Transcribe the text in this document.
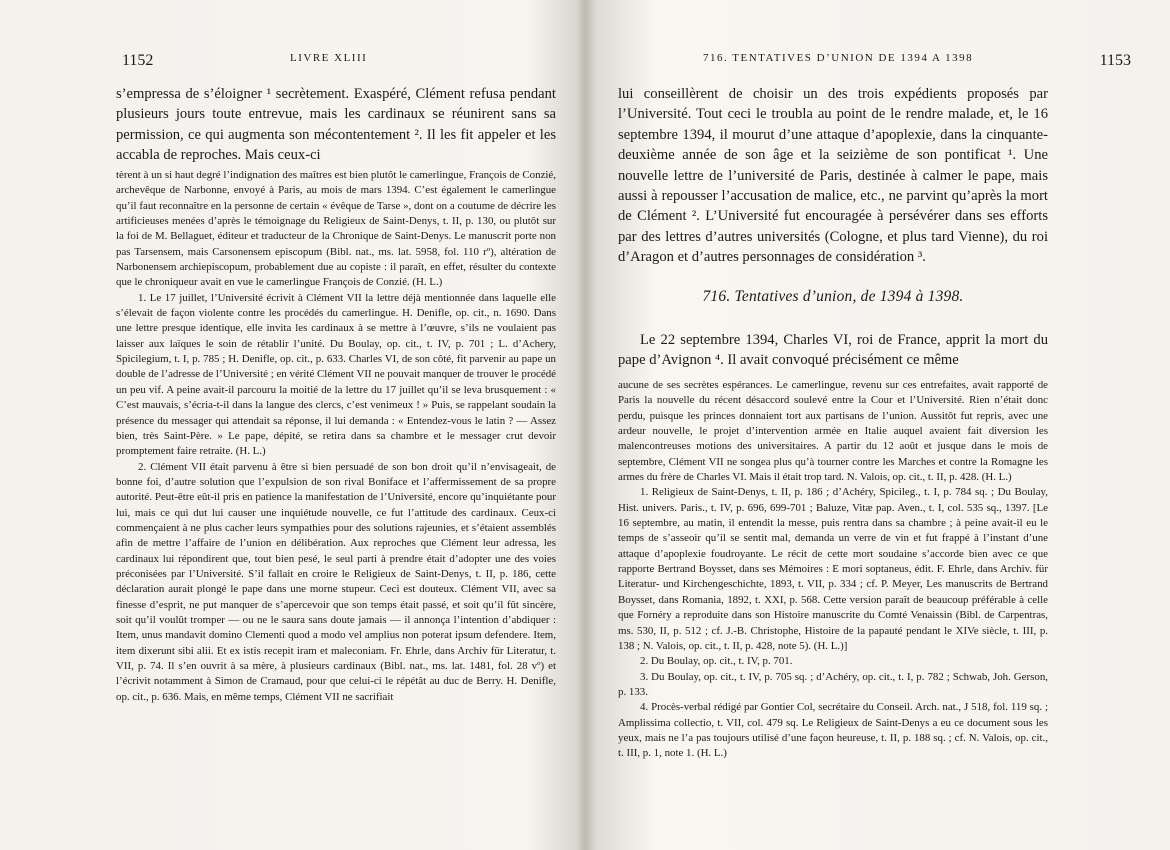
1152	LIVRE XLIII

s’empressa de s’éloigner ¹ secrètement. Exaspéré, Clément refusa pendant plusieurs jours toute entrevue, mais les cardinaux se réunirent sans sa permission, ce qui augmenta son mécontentement ². Il les fit appeler et les accabla de reproches. Mais ceux-ci

tèrent à un si haut degré l’indignation des maîtres est bien plutôt le camerlingue, François de Conzié, archevêque de Narbonne, envoyé à Paris, au mois de mars 1394. C’est également le camerlingue qu’il faut reconnaître en la personne de certain « évêque de Tarse », dont on a coutume de décrire les artificieuses menées d’après le témoignage du Religieux de Saint-Denys, t. II, p. 130, ou plutôt sur la foi de M. Bellaguet, éditeur et traducteur de la Chronique de Saint-Denys. Le manuscrit porte non pas Tarsensem, mais Carsonensem episcopum (Bibl. nat., ms. lat. 5958, fol. 110 rº), altération de Narbonensem archiepiscopum, probablement due au copiste : il paraît, en effet, résulter du contexte que le chroniqueur avait en vue le camerlingue François de Conzié. (H. L.)

1. Le 17 juillet, l’Université écrivit à Clément VII la lettre déjà mentionnée dans laquelle elle s’élevait de façon violente contre les procédés du camerlingue. H. Denifle, op. cit., n. 1690. Dans une lettre presque identique, elle invita les cardinaux à se mettre à l’œuvre, s’ils ne voulaient pas laisser aux laïques le soin de rétablir l’unité. Du Boulay, op. cit., t. IV, p. 701 ; L. d’Achery, Spicilegium, t. I, p. 785 ; H. Denifle, op. cit., p. 633. Charles VI, de son côté, fit parvenir au pape un double de l’adresse de l’Université ; en vérité Clément VII ne pouvait manquer de trouver le procédé un peu vif. A peine avait-il parcouru la moitié de la lettre du 17 juillet qu’il se leva brusquement : « C’est mauvais, s’écria-t-il dans la langue des clercs, c’est venimeux ! » Puis, se rappelant soudain la présence du messager qui attendait sa réponse, il lui demanda : « Entendez-vous le latin ? — Assez bien, très Saint-Père. » Le pape, dépité, se retira dans sa chambre et le messager crut devoir promptement faire retraite. (H. L.)

2. Clément VII était parvenu à être si bien persuadé de son bon droit qu’il n’envisageait, de bonne foi, d’autre solution que l’expulsion de son rival Boniface et l’affermissement de sa propre autorité. Peut-être eût-il pris en patience la manifestation de l’Université, encore qu’inquiétante pour lui, mais ce qui dut lui causer une inquiétude nouvelle, ce fut l’attitude des cardinaux. Ceux-ci commençaient à ne plus cacher leurs sympathies pour des solutions rajeunies, et s’étaient assemblés afin de mettre l’affaire de l’union en délibération. Aux reproches que Clément leur adressa, les cardinaux lui répondirent que, tout bien pesé, le seul parti à prendre était d’adopter une des voies préconisées par l’Université. S’il fallait en croire le Religieux de Saint-Denys, t. II, p. 186, cette déclaration aurait plongé le pape dans une morne stupeur. Ceci est douteux. Clément VII, avec sa finesse d’esprit, ne put manquer de s’apercevoir que son temps était passé, et soit qu’il fût sincère, soit qu’il voulût tromper — ou ne le saura sans doute jamais — il annonça l’intention d’abdiquer : Item, unus mandavit domino Clementi quod a modo vel amplius non poterat ipsum defendere. Item, item dixerunt sibi alii. Et ex istis recepit iram et maleconiam. Fr. Ehrle, dans Archiv für Literatur, t. VII, p. 74. Il s’en ouvrit à sa mère, à plusieurs cardinaux (Bibl. nat., ms. lat. 1481, fol. 28 vº) et l’écrivit notamment à Simon de Cramaud, pour que celui-ci le répétât au duc de Berry. H. Denifle, op. cit., p. 636. Mais, en même temps, Clément VII ne sacrifiait

716. TENTATIVES D’UNION DE 1394 A 1398	1153

lui conseillèrent de choisir un des trois expédients proposés par l’Université. Tout ceci le troubla au point de le rendre malade, et, le 16 septembre 1394, il mourut d’une attaque d’apoplexie, dans la cinquante-deuxième année de son âge et la seizième de son pontificat ¹. Une nouvelle lettre de l’université de Paris, destinée à calmer le pape, mais aussi à repousser l’accusation de malice, etc., ne parvint qu’après la mort de Clément ². L’Université fut encouragée à persévérer dans ses efforts par des lettres d’autres universités (Cologne, et plus tard Vienne), du roi d’Aragon et d’autres personnages de considération ³.

716. Tentatives d’union, de 1394 à 1398.

Le 22 septembre 1394, Charles VI, roi de France, apprit la mort du pape d’Avignon ⁴. Il avait convoqué précisément ce même

aucune de ses secrètes espérances. Le camerlingue, revenu sur ces entrefaites, avait rapporté de Paris la nouvelle du récent désaccord soulevé entre la Cour et l’Université. Rien n’était donc perdu, puisque les princes donnaient tort aux partisans de l’union. Aussitôt fut repris, avec une ardeur nouvelle, le projet d’intervention armée en Italie auquel avaient fait diversion les malencontreuses motions des universitaires. A partir du 12 août et jusque dans le mois de septembre, Clément VII ne songea plus qu’à tourner contre les Marches et contre la Romagne les armes du frère de Charles VI. Mais il était trop tard. N. Valois, op. cit., t. II, p. 428. (H. L.)

1. Religieux de Saint-Denys, t. II, p. 186 ; d’Achéry, Spicileg., t. I, p. 784 sq. ; Du Boulay, Hist. univers. Paris., t. IV, p. 696, 699-701 ; Baluze, Vitæ pap. Aven., t. I, col. 535 sq., 1397. [Le 16 septembre, au matin, il entendit la messe, puis rentra dans sa chambre ; à peine avait-il eu le temps de s’asseoir qu’il se sentit mal, demanda un verre de vin et fut frappé à l’instant d’une attaque d’apoplexie foudroyante. Le récit de cette mort soudaine s’accorde bien avec ce que rapporte Bertrand Boysset, dans ses Mémoires : E mori soptaneus, édit. F. Ehrle, dans Archiv. für Literatur- und Kirchengeschichte, 1893, t. VII, p. 334 ; cf. P. Meyer, Les manuscrits de Bertrand Boysset, dans Romania, 1892, t. XXI, p. 568. Cette version paraît de beaucoup préférable à celle que Fornéry a reproduite dans son Histoire manuscrite du Comté Venaissin (Bibl. de Carpentras, ms. 530, II, p. 512 ; cf. J.-B. Christophe, Histoire de la papauté pendant le XIVe siècle, t. III, p. 138 ; N. Valois, op. cit., t. II, p. 428, note 5). (H. L.)]

2. Du Boulay, op. cit., t. IV, p. 701.

3. Du Boulay, op. cit., t. IV, p. 705 sq. ; d’Achéry, op. cit., t. I, p. 782 ; Schwab, Joh. Gerson, p. 133.

4. Procès-verbal rédigé par Gontier Col, secrétaire du Conseil. Arch. nat., J 518, fol. 119 sq. ; Amplissima collectio, t. VII, col. 479 sq. Le Religieux de Saint-Denys a eu ce document sous les yeux, mais ne l’a pas toujours utilisé d’une façon heureuse, t. II, p. 188 sq. ; cf. N. Valois, op. cit., t. III, p. 1, note 1. (H. L.)
